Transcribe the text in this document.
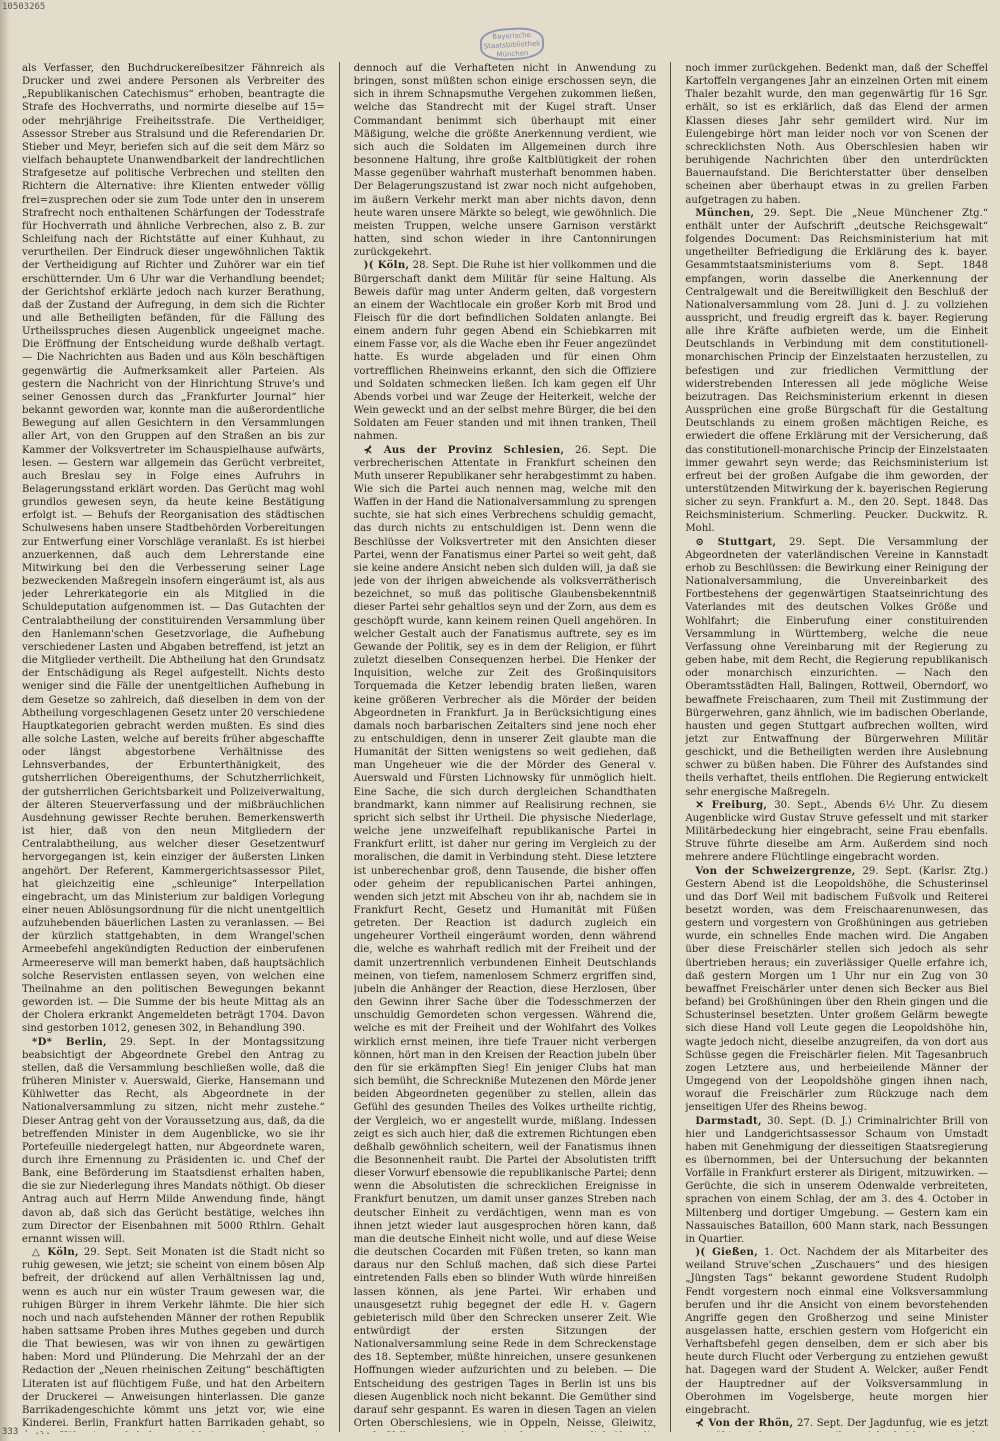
10503265
Bayerische
Staatsbibliothek
München

als Verfasser, den Buchdruckereibesitzer Fähnreich als Drucker und zwei andere Personen als Verbreiter des „Republikanischen Catechismus“ erhoben, beantragte die Strafe des Hochverraths, und normirte dieselbe auf 15= oder mehrjährige Freiheitsstrafe. Die Vertheidiger, Assessor Streber aus Stralsund und die Referendarien Dr. Stieber und Meyr, beriefen sich auf die seit dem März so vielfach behauptete Unanwendbarkeit der landrechtlichen Strafgesetze auf politische Verbrechen und stellten den Richtern die Alternative: ihre Klienten entweder völlig frei=zusprechen oder sie zum Tode unter den in unserem Strafrecht noch enthaltenen Schärfungen der Todesstrafe für Hochverrath und ähnliche Verbrechen, also z. B. zur Schleifung nach der Richtstätte auf einer Kuhhaut, zu verurtheilen. Der Eindruck dieser ungewöhnlichen Taktik der Vertheidigung auf Richter und Zuhörer war ein tief erschütternder. Um 6 Uhr war die Verhandlung beendet; der Gerichtshof erklärte jedoch nach kurzer Berathung, daß der Zustand der Aufregung, in dem sich die Richter und alle Betheiligten befänden, für die Fällung des Urtheilsspruches diesen Augenblick ungeeignet mache. Die Eröffnung der Entscheidung wurde deßhalb vertagt. — Die Nachrichten aus Baden und aus Köln beschäftigen gegenwärtig die Aufmerksamkeit aller Parteien. Als gestern die Nachricht von der Hinrichtung Struve's und seiner Genossen durch das „Frankfurter Journal“ hier bekannt geworden war, konnte man die außerordentliche Bewegung auf allen Gesichtern in den Versammlungen aller Art, von den Gruppen auf den Straßen an bis zur Kammer der Volksvertreter im Schauspielhause aufwärts, lesen. — Gestern war allgemein das Gerücht verbreitet, auch Breslau sey in Folge eines Aufruhrs in Belagerungsstand erklärt worden. Das Gerücht mag wohl grundlos gewesen seyn, da heute keine Bestätigung erfolgt ist. — Behufs der Reorganisation des städtischen Schulwesens haben unsere Stadtbehörden Vorbereitungen zur Entwerfung einer Vorschläge veranlaßt. Es ist hierbei anzuerkennen, daß auch dem Lehrerstande eine Mitwirkung bei den die Verbesserung seiner Lage bezweckenden Maßregeln insofern eingeräumt ist, als aus jeder Lehrerkategorie ein als Mitglied in die Schuldeputation aufgenommen ist. — Das Gutachten der Centralabtheilung der constituirenden Versammlung über den Hanlemann'schen Gesetzvorlage, die Aufhebung verschiedener Lasten und Abgaben betreffend, ist jetzt an die Mitglieder vertheilt. Die Abtheilung hat den Grundsatz der Entschädigung als Regel aufgestellt. Nichts desto weniger sind die Fälle der unentgeltlichen Aufhebung in dem Gesetze so zahlreich, daß dieselben in dem von der Abtheilung vorgeschlagenen Gesetz unter 20 verschiedene Hauptkategorien gebracht werden mußten. Es sind dies alle solche Lasten, welche auf bereits früher abgeschaffte oder längst abgestorbene Verhältnisse des Lehnsverbandes, der Erbunterthänigkeit, des gutsherrlichen Obereigenthums, der Schutzherrlichkeit, der gutsherrlichen Gerichtsbarkeit und Polizeiverwaltung, der älteren Steuerverfassung und der mißbräuchlichen Ausdehnung gewisser Rechte beruhen. Bemerkenswerth ist hier, daß von den neun Mitgliedern der Centralabtheilung, aus welcher dieser Gesetzentwurf hervorgegangen ist, kein einziger der äußersten Linken angehört. Der Referent, Kammergerichtsassessor Pilet, hat gleichzeitig eine „schleunige“ Interpellation eingebracht, um das Ministerium zur baldigen Vorlegung einer neuen Ablösungsordnung für die nicht unentgeltlich aufzuhebenden bäuerlichen Lasten zu veranlassen. — Bei der kürzlich stattgehabten, in dem Wrangel'schen Armeebefehl angekündigten Reduction der einberufenen Armeereserve will man bemerkt haben, daß hauptsächlich solche Reservisten entlassen seyen, von welchen eine Theilnahme an den politischen Bewegungen bekannt geworden ist. — Die Summe der bis heute Mittag als an der Cholera erkrankt Angemeldeten beträgt 1704. Davon sind gestorben 1012, genesen 302, in Behandlung 390.

*D* Berlin, 29. Sept. In der Montagssitzung beabsichtigt der Abgeordnete Grebel den Antrag zu stellen, daß die Versammlung beschließen wolle, daß die früheren Minister v. Auerswald, Gierke, Hansemann und Kühlwetter das Recht, als Abgeordnete in der Nationalversammlung zu sitzen, nicht mehr zustehe.“ Dieser Antrag geht von der Voraussetzung aus, daß, da die betreffenden Minister in dem Augenblicke, wo sie ihr Portefeuille niedergelegt hatten, nur Abgeordnete waren, durch ihre Ernennung zu Präsidenten ic. und Chef der Bank, eine Beförderung im Staatsdienst erhalten haben, die sie zur Niederlegung ihres Mandats nöthigt. Ob dieser Antrag auch auf Herrn Milde Anwendung finde, hängt davon ab, daß sich das Gerücht bestätige, welches ihn zum Director der Eisenbahnen mit 5000 Rthlrn. Gehalt ernannt wissen will.

△ Köln, 29. Sept. Seit Monaten ist die Stadt nicht so ruhig gewesen, wie jetzt; sie scheint von einem bösen Alp befreit, der drückend auf allen Verhältnissen lag und, wenn es auch nur ein wüster Traum gewesen war, die ruhigen Bürger in ihrem Verkehr lähmte. Die hier sich noch und nach aufstehenden Männer der rothen Republik haben sattsame Proben ihres Muthes gegeben und durch die That bewiesen, was wir von ihnen zu gewärtigen haben: Mord und Plünderung. Die Mehrzahl der an der Redaction der „Neuen rheinischen Zeitung“ beschäftigten Literaten ist auf flüchtigem Fuße, und hat den Arbeitern der Druckerei — Anweisungen hinterlassen. Die ganze Barrikadengeschichte kömmt uns jetzt vor, wie eine Kinderei. Berlin, Frankfurt hatten Barrikaden gehabt, so

dennoch auf die Verhafteten nicht in Anwendung zu bringen, sonst müßten schon einige erschossen seyn, die sich in ihrem Schnapsmuthe Vergehen zukommen ließen, welche das Standrecht mit der Kugel straft. Unser Commandant benimmt sich überhaupt mit einer Mäßigung, welche die größte Anerkennung verdient, wie sich auch die Soldaten im Allgemeinen durch ihre besonnene Haltung, ihre große Kaltblütigkeit der rohen Masse gegenüber wahrhaft musterhaft benommen haben. Der Belagerungszustand ist zwar noch nicht aufgehoben, im äußern Verkehr merkt man aber nichts davon, denn heute waren unsere Märkte so belegt, wie gewöhnlich. Die meisten Truppen, welche unsere Garnison verstärkt hatten, sind schon wieder in ihre Cantonnirungen zurückgekehrt.

)( Köln, 28. Sept. Die Ruhe ist hier vollkommen und die Bürgerschaft dankt dem Militär für seine Haltung. Als Beweis dafür mag unter Anderm gelten, daß vorgestern an einem der Wachtlocale ein großer Korb mit Brod und Fleisch für die dort befindlichen Soldaten anlangte. Bei einem andern fuhr gegen Abend ein Schiebkarren mit einem Fasse vor, als die Wache eben ihr Feuer angezündet hatte. Es wurde abgeladen und für einen Ohm vortrefflichen Rheinweins erkannt, den sich die Offiziere und Soldaten schmecken ließen. Ich kam gegen elf Uhr Abends vorbei und war Zeuge der Heiterkeit, welche der Wein geweckt und an der selbst mehre Bürger, die bei den Soldaten am Feuer standen und mit ihnen tranken, Theil nahmen.

⊀ Aus der Provinz Schlesien, 26. Sept. Die verbrecherischen Attentate in Frankfurt scheinen den Muth unserer Republikaner sehr herabgestimmt zu haben. Wie sich die Partei auch nennen mag, welche mit den Waffen in der Hand die Nationalversammlung zu sprengen suchte, sie hat sich eines Verbrechens schuldig gemacht, das durch nichts zu entschuldigen ist. Denn wenn die Beschlüsse der Volksvertreter mit den Ansichten dieser Partei, wenn der Fanatismus einer Partei so weit geht, daß sie keine andere Ansicht neben sich dulden will, ja daß sie jede von der ihrigen abweichende als volksverrätherisch bezeichnet, so muß das politische Glaubensbekenntniß dieser Partei sehr gehaltlos seyn und der Zorn, aus dem es geschöpft wurde, kann keinem reinen Quell angehören. In welcher Gestalt auch der Fanatismus auftrete, sey es im Gewande der Politik, sey es in dem der Religion, er führt zuletzt dieselben Consequenzen herbei. Die Henker der Inquisition, welche zur Zeit des Großinquisitors Torquemada die Ketzer lebendig braten ließen, waren keine größeren Verbrecher als die Mörder der beiden Abgeordneten in Frankfurt. Ja in Berücksichtigung eines damals noch barbarischen Zeitalters sind jene noch eher zu entschuldigen, denn in unserer Zeit glaubte man die Humanität der Sitten wenigstens so weit gediehen, daß man Ungeheuer wie die der Mörder des General v. Auerswald und Fürsten Lichnowsky für unmöglich hielt. Eine Sache, die sich durch dergleichen Schandthaten brandmarkt, kann nimmer auf Realisirung rechnen, sie spricht sich selbst ihr Urtheil. Die physische Niederlage, welche jene unzweifelhaft republikanische Partei in Frankfurt erlitt, ist daher nur gering im Vergleich zu der moralischen, die damit in Verbindung steht. Diese letztere ist unberechenbar groß, denn Tausende, die bisher offen oder geheim der republicanischen Partei anhingen, wenden sich jetzt mit Abscheu von ihr ab, nachdem sie in Frankfurt Recht, Gesetz und Humanität mit Füßen getreten. Der Reaction ist dadurch zugleich ein ungeheurer Vortheil eingeräumt worden, denn während die, welche es wahrhaft redlich mit der Freiheit und der damit unzertrennlich verbundenen Einheit Deutschlands meinen, von tiefem, namenlosem Schmerz ergriffen sind, jubeln die Anhänger der Reaction, diese Herzlosen, über den Gewinn ihrer Sache über die Todesschmerzen der unschuldig Gemordeten schon vergessen. Während die, welche es mit der Freiheit und der Wohlfahrt des Volkes wirklich ernst meinen, ihre tiefe Trauer nicht verbergen können, hört man in den Kreisen der Reaction jubeln über den für sie erkämpften Sieg! Ein jeniger Clubs hat man sich bemüht, die Schreckniße Mutezenen den Mörde jener beiden Abgeordneten gegenüber zu stellen, allein das Gefühl des gesunden Theiles des Volkes urtheilte richtig, der Vergleich, wo er angestellt wurde, mißlang. Indessen zeigt es sich auch hier, daß die extremen Richtungen eben deßhalb gewöhnlich scheitern, weil der Fanatismus ihnen die Besonnenheit raubt. Die Partei der Absolutisten trifft dieser Vorwurf ebensowie die republikanische Partei; denn wenn die Absolutisten die schrecklichen Ereignisse in Frankfurt benutzen, um damit unser ganzes Streben nach deutscher Einheit zu verdächtigen, wenn man es von ihnen jetzt wieder laut ausgesprochen hören kann, daß man die deutsche Einheit nicht wolle, und auf diese Weise die deutschen Cocarden mit Füßen treten, so kann man daraus nur den Schluß machen, daß sich diese Partei eintretenden Falls eben so blinder Wuth würde hinreißen lassen können, als jene Partei. Wir erhaben und unausgesetzt ruhig begegnet der edle H. v. Gagern gebieterisch mild über den Schrecken unserer Zeit. Wie entwürdigt der ersten Sitzungen der Nationalversammlung seine Rede in dem Schreckenstage des 18. September, müßte hinreichen, unsere gesunkenen Hoffnungen wieder aufzurichten und zu beleben. — Die Entscheidung des gestrigen Tages in Berlin ist uns bis diesen Augenblick noch nicht bekannt. Die Gemüther sind darauf sehr gespannt. Es waren in diesen Tagen an vielen Orten Oberschlesiens, wie in Oppeln, Neisse, Gleiwitz,

noch immer zurückgehen. Bedenkt man, daß der Scheffel Kartoffeln vergangenes Jahr an einzelnen Orten mit einem Thaler bezahlt wurde, den man gegenwärtig für 16 Sgr. erhält, so ist es erklärlich, daß das Elend der armen Klassen dieses Jahr sehr gemildert wird. Nur im Eulengebirge hört man leider noch vor von Scenen der schrecklichsten Noth. Aus Oberschlesien haben wir beruhigende Nachrichten über den unterdrückten Bauernaufstand. Die Berichterstatter über denselben scheinen aber überhaupt etwas in zu grellen Farben aufgetragen zu haben.

München, 29. Sept. Die „Neue Münchener Ztg.“ enthält unter der Aufschrift „deutsche Reichsgewalt“ folgendes Document: Das Reichsministerium hat mit ungetheilter Befriedigung die Erklärung des k. bayer. Gesammtstaatsministeriums vom 8. Sept. 1848 empfangen, worin dasselbe die Anerkennung der Centralgewalt und die Bereitwilligkeit den Beschluß der Nationalversammlung vom 28. Juni d. J. zu vollziehen ausspricht, und freudig ergreift das k. bayer. Regierung alle ihre Kräfte aufbieten werde, um die Einheit Deutschlands in Verbindung mit dem constitutionell-monarchischen Princip der Einzelstaaten herzustellen, zu befestigen und zur friedlichen Vermittlung der widerstrebenden Interessen all jede mögliche Weise beizutragen. Das Reichsministerium erkennt in diesen Aussprüchen eine große Bürgschaft für die Gestaltung Deutschlands zu einem großen mächtigen Reiche, es erwiedert die offene Erklärung mit der Versicherung, daß das constitutionell-monarchische Princip der Einzelstaaten immer gewahrt seyn werde; das Reichsministerium ist erfreut bei der großen Aufgabe die ihm geworden, der unterstützenden Mitwirkung der k. bayerischen Regierung sicher zu seyn. Frankfurt a. M., den 20. Sept. 1848. Das Reichsministerium. Schmerling. Peucker. Duckwitz. R. Mohl.

⊙ Stuttgart, 29. Sept. Die Versammlung der Abgeordneten der vaterländischen Vereine in Kannstadt erhob zu Beschlüssen: die Bewirkung einer Reinigung der Nationalversammlung, die Unvereinbarkeit des Fortbestehens der gegenwärtigen Staatseinrichtung des Vaterlandes mit des deutschen Volkes Größe und Wohlfahrt; die Einberufung einer constituirenden Versammlung in Württemberg, welche die neue Verfassung ohne Vereinbarung mit der Regierung zu geben habe, mit dem Recht, die Regierung republikanisch oder monarchisch einzurichten. — Nach den Oberamtsstädten Hall, Balingen, Rottweil, Oberndorf, wo bewaffnete Freischaaren, zum Theil mit Zustimmung der Bürgerwehren, ganz ähnlich, wie im badischen Oberlande, hausten und gegen Stuttgart aufbrechen wollten, wird jetzt zur Entwaffnung der Bürgerwehren Militär geschickt, und die Betheiligten werden ihre Auslebnung schwer zu büßen haben. Die Führer des Aufstandes sind theils verhaftet, theils entflohen. Die Regierung entwickelt sehr energische Maßregeln.

✕ Freiburg, 30. Sept., Abends 6½ Uhr. Zu diesem Augenblicke wird Gustav Struve gefesselt und mit starker Militärbedeckung hier eingebracht, seine Frau ebenfalls. Struve führte dieselbe am Arm. Außerdem sind noch mehrere andere Flüchtlinge eingebracht worden.

Von der Schweizergrenze, 29. Sept. (Karlsr. Ztg.) Gestern Abend ist die Leopoldshöhe, die Schusterinsel und das Dorf Weil mit badischem Fußvolk und Reiterei besetzt worden, was dem Freischaarenunwesen, das gestern und vorgestern von Großhüningen aus getrieben wurde, ein schnelles Ende machen wird. Die Angaben über diese Freischärler stellen sich jedoch als sehr übertrieben heraus; ein zuverlässiger Quelle erfahre ich, daß gestern Morgen um 1 Uhr nur ein Zug von 30 bewaffnet Freischärler unter denen sich Becker aus Biel befand) bei Großhüningen über den Rhein gingen und die Schusterinsel besetzten. Unter großem Gelärm bewegte sich diese Hand voll Leute gegen die Leopoldshöhe hin, wagte jedoch nicht, dieselbe anzugreifen, da von dort aus Schüsse gegen die Freischärler fielen. Mit Tagesanbruch zogen Letztere aus, und herbeieilende Männer der Umgegend von der Leopoldshöhe gingen ihnen nach, worauf die Freischärler zum Rückzuge nach dem jenseitigen Ufer des Rheins bewog.

Darmstadt, 30. Sept. (D. J.) Criminalrichter Brill von hier und Landgerichtsassessor Schaum von Umstadt haben mit Genehmigung der diesseitigen Staatsregierung es übernommen, bei der Untersuchung der bekannten Vorfälle in Frankfurt ersterer als Dirigent, mitzuwirken. — Gerüchte, die sich in unserem Odenwalde verbreiteten, sprachen von einem Schlag, der am 3. des 4. October in Miltenberg und dortiger Umgebung. — Gestern kam ein Nassauisches Bataillon, 600 Mann stark, nach Bessungen in Quartier.

)( Gießen, 1. Oct. Nachdem der als Mitarbeiter des weiland Struve'schen „Zuschauers“ und des hiesigen „Jüngsten Tags“ bekannt gewordene Student Rudolph Fendt vorgestern noch einmal eine Volksversammlung berufen und ihr die Ansicht von einem bevorstehenden Angriffe gegen den Großherzog und seine Minister ausgelassen hatte, erschien gestern vom Hofgericht ein Verhaftsbefehl gegen denselben, dem er sich aber bis heute durch Flucht oder Verbergung zu entziehen gewußt hat. Dagegen ward der Student A. Welcker, außer Fendt der Hauptredner auf der Volksversammlung in Oberohmen im Vogelsberge, heute morgen hier eingebracht.

⊀ Von der Rhön, 27. Sept. Der Jagdunfug, wie es jetzt

333 · ...
